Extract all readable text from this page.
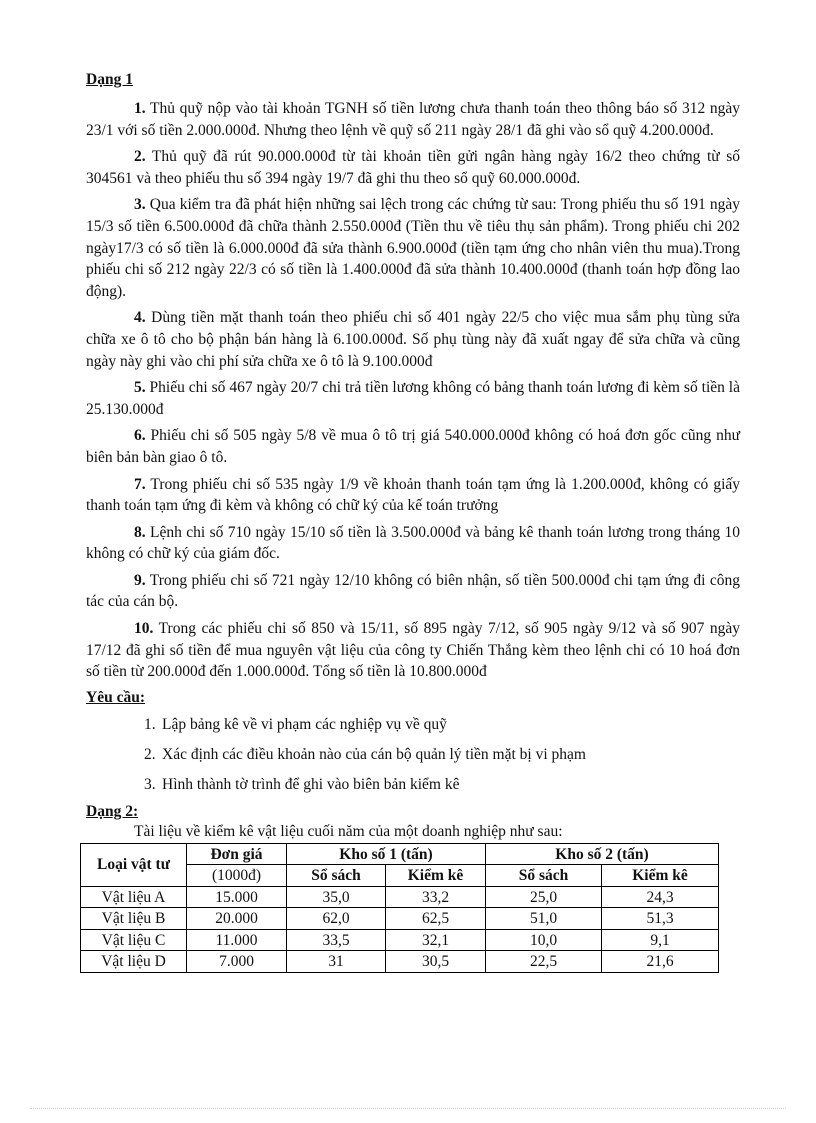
Dạng 1

1. Thủ quỹ nộp vào tài khoản TGNH số tiền lương chưa thanh toán theo thông báo số 312 ngày 23/1 với số tiền 2.000.000đ. Nhưng theo lệnh về quỹ số 211 ngày 28/1 đã ghi vào sổ quỹ 4.200.000đ.

2. Thủ quỹ đã rút 90.000.000đ từ tài khoản tiền gửi ngân hàng ngày 16/2 theo chứng từ số 304561 và theo phiếu thu số 394 ngày 19/7 đã ghi thu theo sổ quỹ 60.000.000đ.

3. Qua kiểm tra đã phát hiện những sai lệch trong các chứng từ sau: Trong phiếu thu số 191 ngày 15/3 số tiền 6.500.000đ đã chữa thành 2.550.000đ (Tiền thu về tiêu thụ sản phẩm). Trong phiếu chi 202 ngày17/3 có số tiền là 6.000.000đ đã sửa thành 6.900.000đ (tiền tạm ứng cho nhân viên thu mua).Trong phiếu chi số 212 ngày 22/3 có số tiền là 1.400.000đ đã sửa thành 10.400.000đ (thanh toán hợp đồng lao động).

4. Dùng tiền mặt thanh toán theo phiếu chi số 401 ngày 22/5 cho việc mua sắm phụ tùng sửa chữa xe ô tô cho bộ phận bán hàng là 6.100.000đ. Số phụ tùng này đã xuất ngay để sửa chữa và cũng ngày này ghi vào chi phí sửa chữa xe ô tô là 9.100.000đ

5. Phiếu chi số 467 ngày 20/7 chi trả tiền lương không có bảng thanh toán lương đi kèm số tiền là 25.130.000đ

6. Phiếu chi số 505 ngày 5/8 về mua ô tô trị giá 540.000.000đ không có hoá đơn gốc cũng như biên bản bàn giao ô tô.

7. Trong phiếu chi số 535 ngày 1/9 về khoản thanh toán tạm ứng là 1.200.000đ, không có giấy thanh toán tạm ứng đi kèm và không có chữ ký của kế toán trưởng

8. Lệnh chi số 710 ngày 15/10 số tiền là 3.500.000đ và bảng kê thanh toán lương trong tháng 10 không có chữ ký của giám đốc.

9. Trong phiếu chi số 721 ngày 12/10 không có biên nhận, số tiền 500.000đ chi tạm ứng đi công tác của cán bộ.

10. Trong các phiếu chi số 850 và 15/11, số 895 ngày 7/12, số 905 ngày 9/12 và số 907 ngày 17/12 đã ghi số tiền để mua nguyên vật liệu của công ty Chiến Thắng kèm theo lệnh chi có 10 hoá đơn số tiền từ 200.000đ đến 1.000.000đ. Tổng số tiền là 10.800.000đ

Yêu cầu:

1. Lập bảng kê về vi phạm các nghiệp vụ về quỹ

2. Xác định các điều khoản nào của cán bộ quản lý tiền mặt bị vi phạm

3. Hình thành tờ trình để ghi vào biên bản kiểm kê

Dạng 2:

Tài liệu về kiểm kê vật liệu cuối năm của một doanh nghiệp như sau:

Loại vật tư	Đơn giá	Kho số 1 (tấn)		Kho số 2 (tấn)	
	(1000đ)	Sổ sách	Kiểm kê	Sổ sách	Kiểm kê
Vật liệu A	15.000	35,0	33,2	25,0	24,3
Vật liệu B	20.000	62,0	62,5	51,0	51,3
Vật liệu C	11.000	33,5	32,1	10,0	9,1
Vật liệu D	7.000	31	30,5	22,5	21,6
